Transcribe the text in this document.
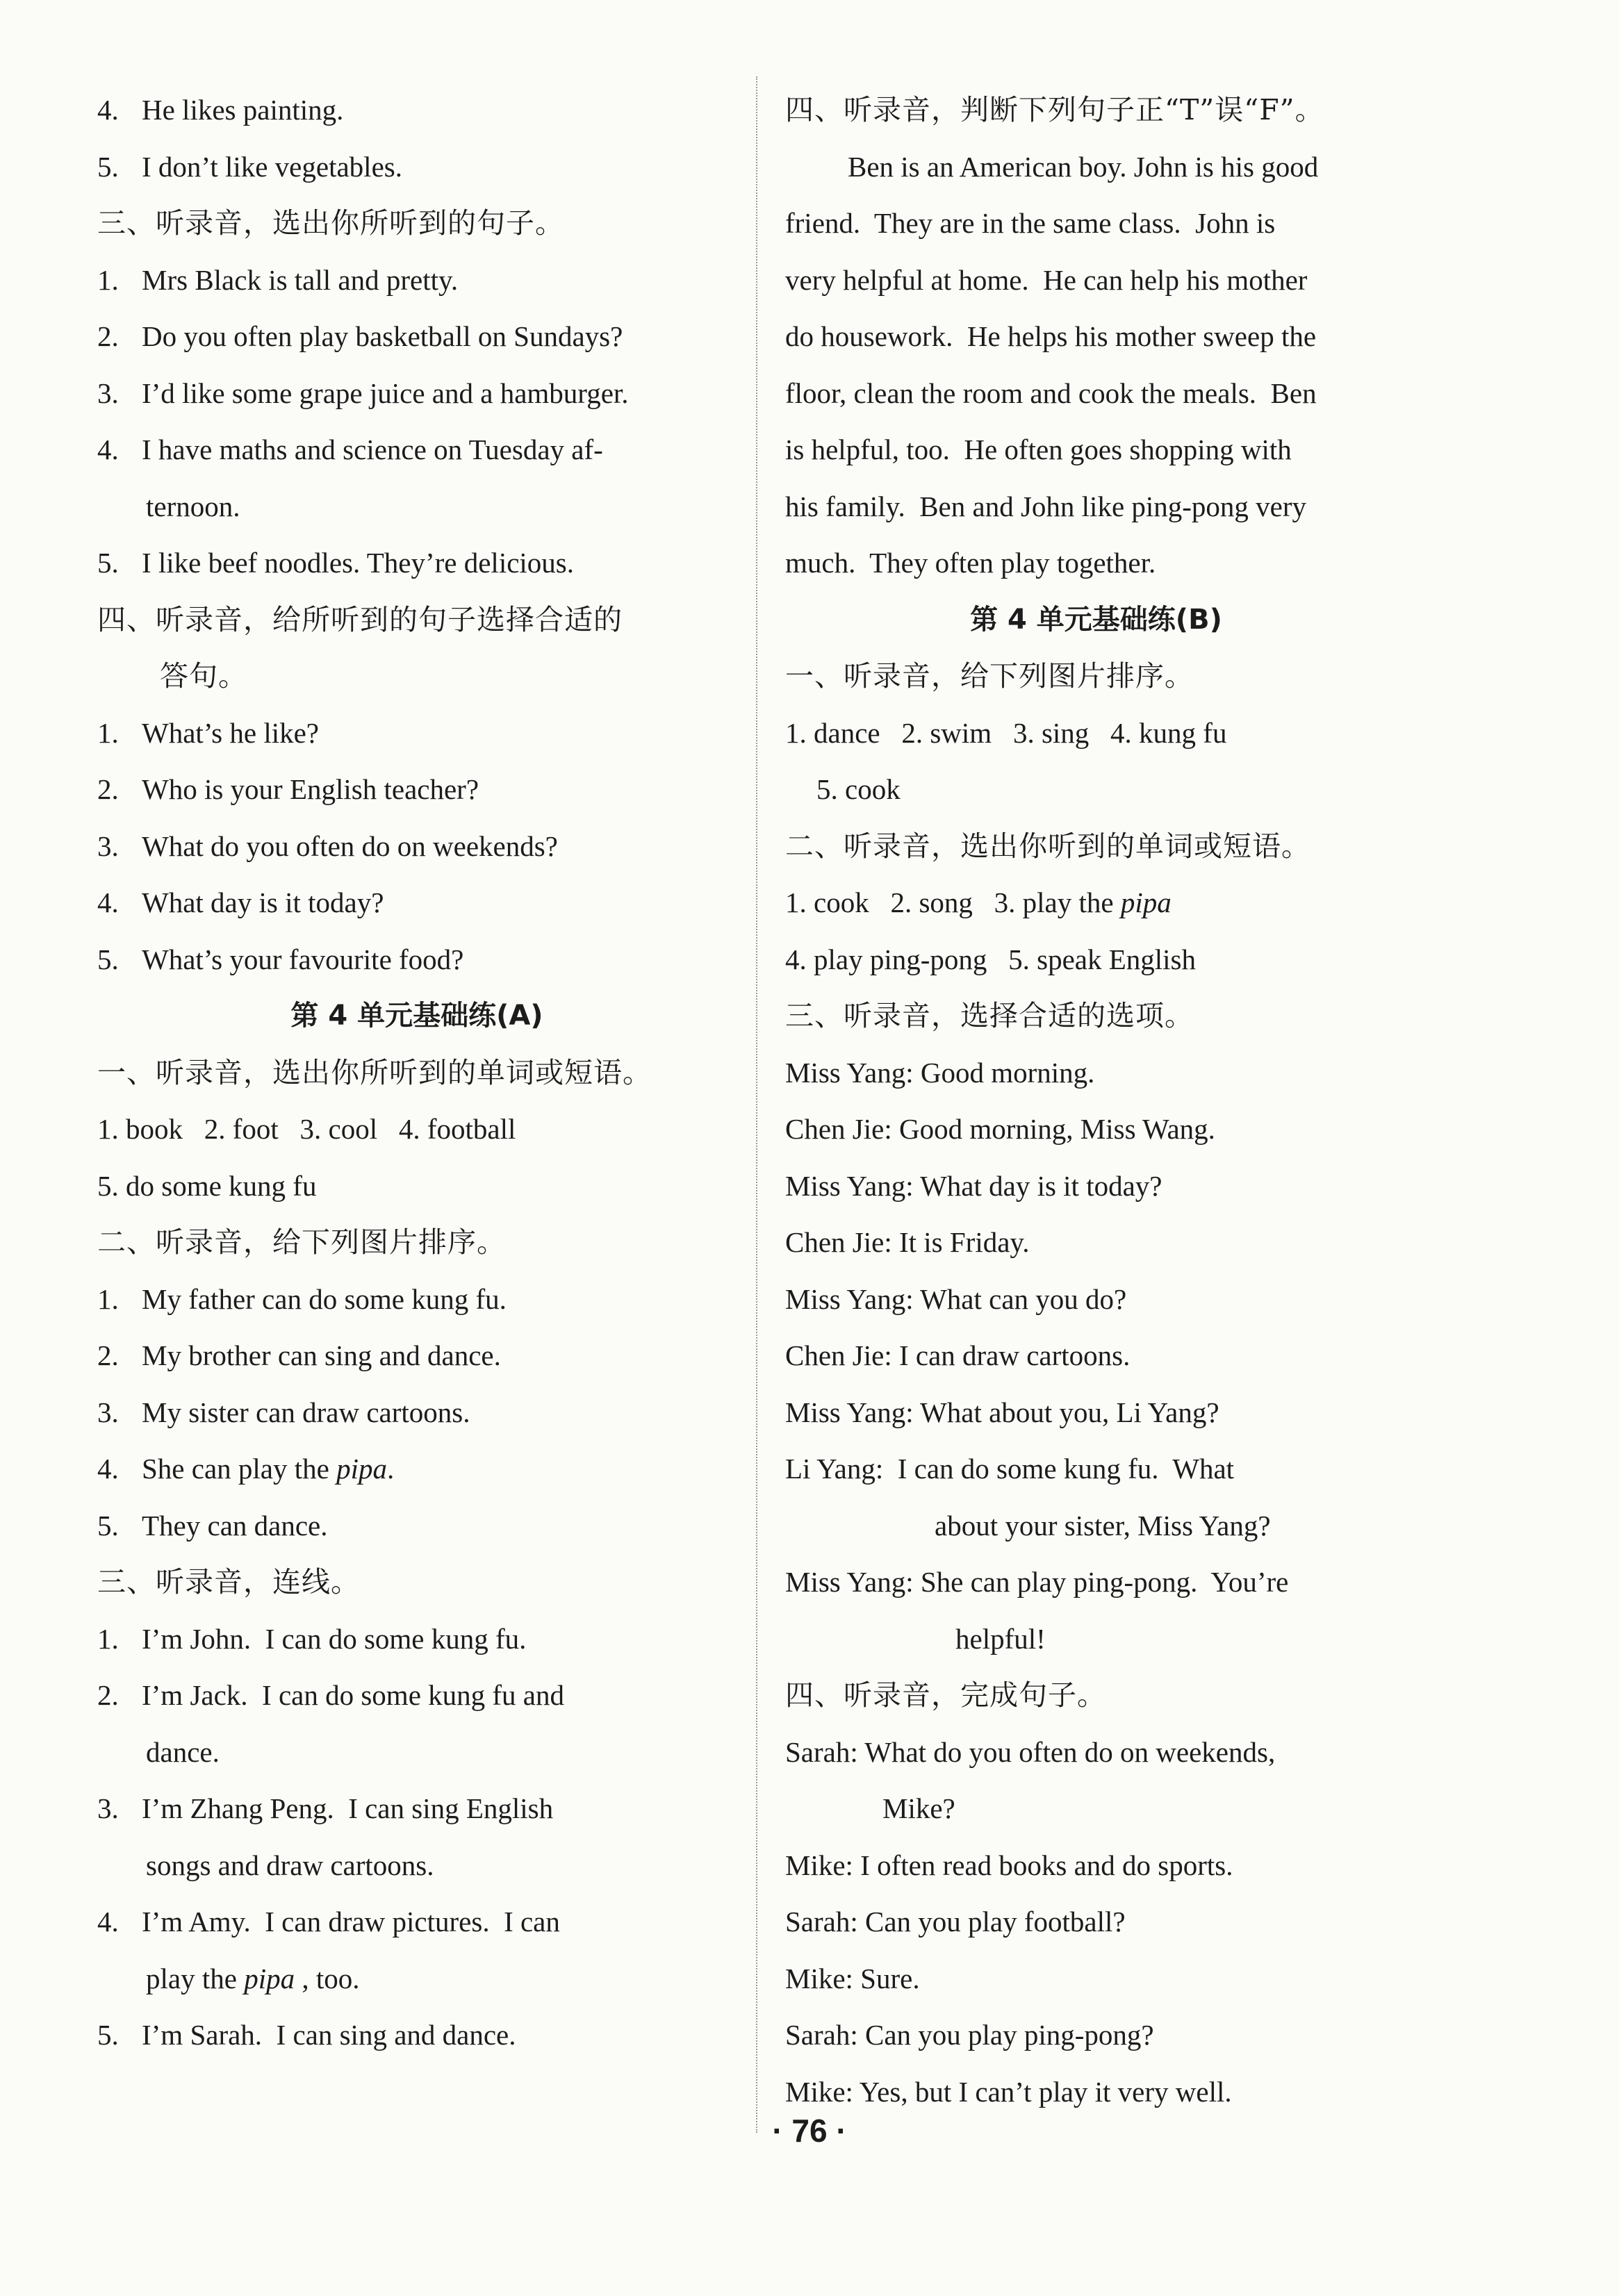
4. He likes painting.
5. I don’t like vegetables.
三、听录音，选出你所听到的句子。
1. Mrs Black is tall and pretty.
2. Do you often play basketball on Sundays?
3. I’d like some grape juice and a hamburger.
4. I have maths and science on Tuesday af-
ternoon.
5. I like beef noodles. They’re delicious.
四、听录音，给所听到的句子选择合适的
答句。
1. What’s he like?
2. Who is your English teacher?
3. What do you often do on weekends?
4. What day is it today?
5. What’s your favourite food?
第 4 单元基础练(A)
一、听录音，选出你所听到的单词或短语。
1. book   2. foot   3. cool   4. football
5. do some kung fu
二、听录音，给下列图片排序。
1. My father can do some kung fu.
2. My brother can sing and dance.
3. My sister can draw cartoons.
4. She can play the pipa.
5. They can dance.
三、听录音，连线。
1. I’m John.  I can do some kung fu.
2. I’m Jack.  I can do some kung fu and
dance.
3. I’m Zhang Peng.  I can sing English
songs and draw cartoons.
4. I’m Amy.  I can draw pictures.  I can
play the pipa , too.
5. I’m Sarah.  I can sing and dance.
四、听录音，判断下列句子正“T”误“F”。
Ben is an American boy. John is his good
friend.  They are in the same class.  John is
very helpful at home.  He can help his mother
do housework.  He helps his mother sweep the
floor, clean the room and cook the meals.  Ben
is helpful, too.  He often goes shopping with
his family.  Ben and John like ping-pong very
much.  They often play together.
第 4 单元基础练(B)
一、听录音，给下列图片排序。
1. dance   2. swim   3. sing   4. kung fu
5. cook
二、听录音，选出你听到的单词或短语。
1. cook   2. song   3. play the pipa
4. play ping-pong   5. speak English
三、听录音，选择合适的选项。
Miss Yang: Good morning.
Chen Jie: Good morning, Miss Wang.
Miss Yang: What day is it today?
Chen Jie: It is Friday.
Miss Yang: What can you do?
Chen Jie: I can draw cartoons.
Miss Yang: What about you, Li Yang?
Li Yang:  I can do some kung fu.  What
about your sister, Miss Yang?
Miss Yang: She can play ping-pong.  You’re
helpful!
四、听录音，完成句子。
Sarah: What do you often do on weekends,
Mike?
Mike: I often read books and do sports.
Sarah: Can you play football?
Mike: Sure.
Sarah: Can you play ping-pong?
Mike: Yes, but I can’t play it very well.
· 76 ·
